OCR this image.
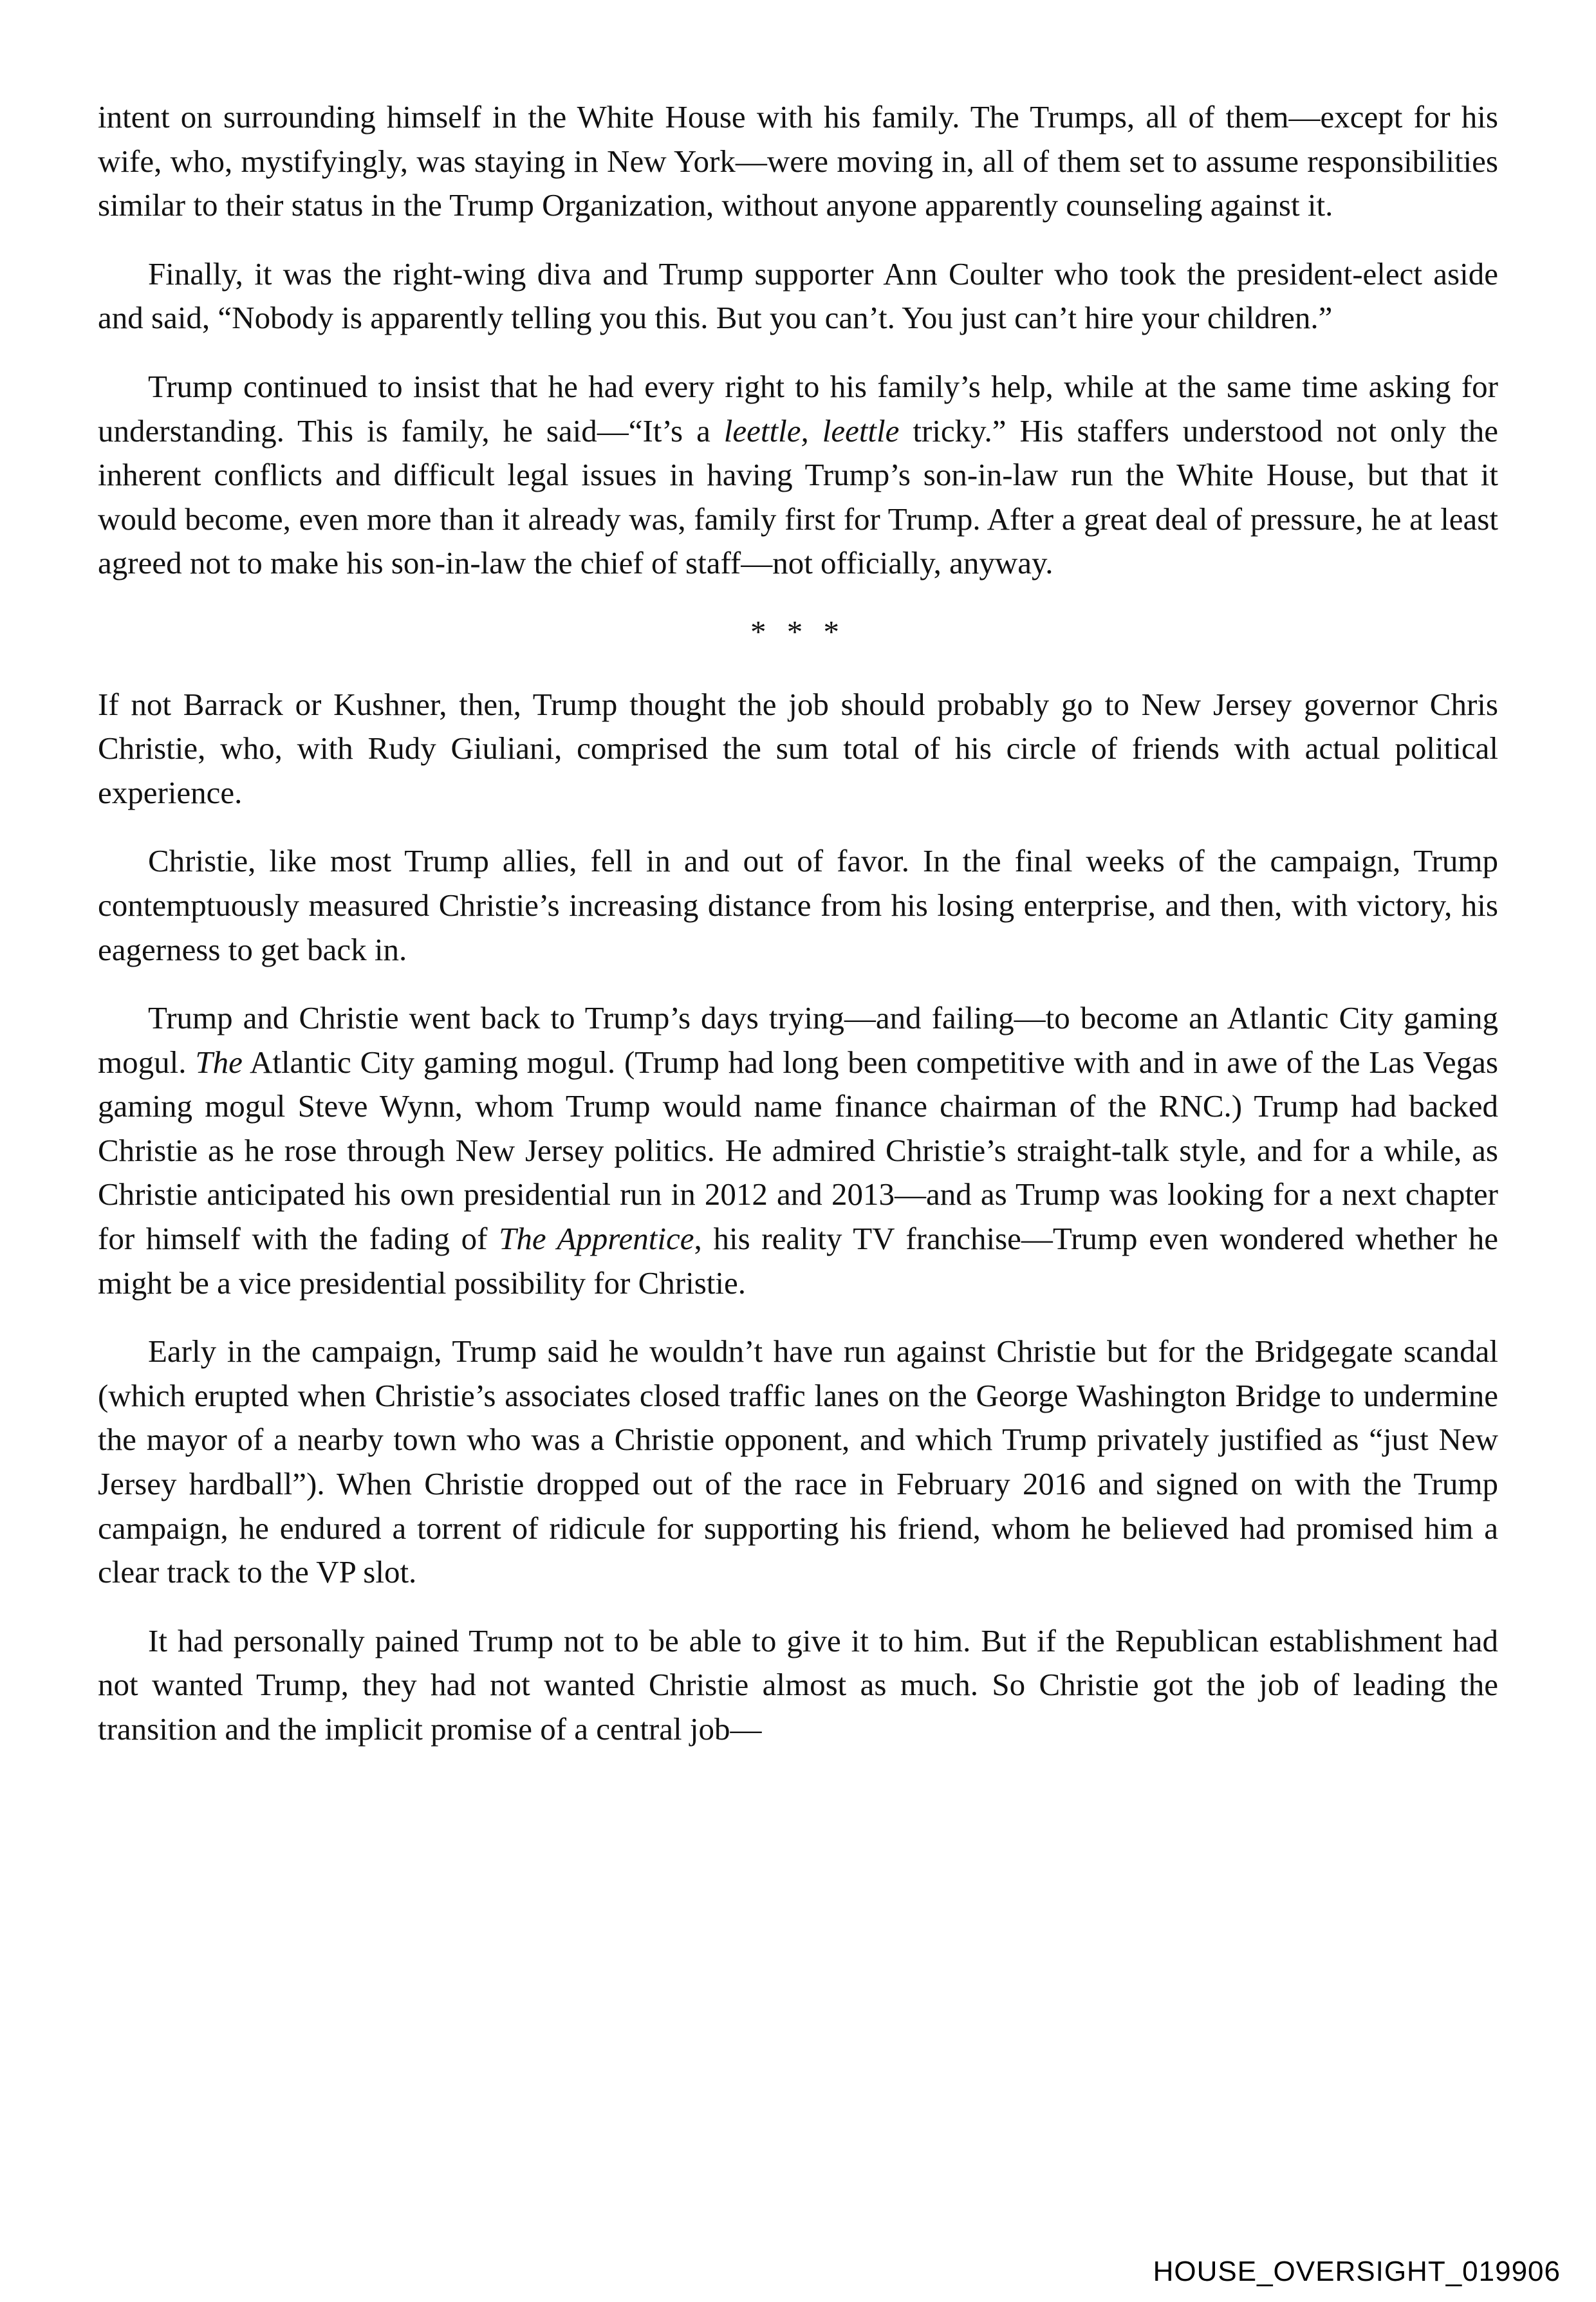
intent on surrounding himself in the White House with his family. The Trumps, all of them—except for his wife, who, mystifyingly, was staying in New York—were moving in, all of them set to assume responsibilities similar to their status in the Trump Organization, without anyone apparently counseling against it.

Finally, it was the right-wing diva and Trump supporter Ann Coulter who took the president-elect aside and said, “Nobody is apparently telling you this. But you can’t. You just can’t hire your children.”

Trump continued to insist that he had every right to his family’s help, while at the same time asking for understanding. This is family, he said—“It’s a leettle, leettle tricky.” His staffers understood not only the inherent conflicts and difficult legal issues in having Trump’s son-in-law run the White House, but that it would become, even more than it already was, family first for Trump. After a great deal of pressure, he at least agreed not to make his son-in-law the chief of staff—not officially, anyway.

* * *

If not Barrack or Kushner, then, Trump thought the job should probably go to New Jersey governor Chris Christie, who, with Rudy Giuliani, comprised the sum total of his circle of friends with actual political experience.

Christie, like most Trump allies, fell in and out of favor. In the final weeks of the campaign, Trump contemptuously measured Christie’s increasing distance from his losing enterprise, and then, with victory, his eagerness to get back in.

Trump and Christie went back to Trump’s days trying—and failing—to become an Atlantic City gaming mogul. The Atlantic City gaming mogul. (Trump had long been competitive with and in awe of the Las Vegas gaming mogul Steve Wynn, whom Trump would name finance chairman of the RNC.) Trump had backed Christie as he rose through New Jersey politics. He admired Christie’s straight-talk style, and for a while, as Christie anticipated his own presidential run in 2012 and 2013—and as Trump was looking for a next chapter for himself with the fading of The Apprentice, his reality TV franchise—Trump even wondered whether he might be a vice presidential possibility for Christie.

Early in the campaign, Trump said he wouldn’t have run against Christie but for the Bridgegate scandal (which erupted when Christie’s associates closed traffic lanes on the George Washington Bridge to undermine the mayor of a nearby town who was a Christie opponent, and which Trump privately justified as “just New Jersey hardball”). When Christie dropped out of the race in February 2016 and signed on with the Trump campaign, he endured a torrent of ridicule for supporting his friend, whom he believed had promised him a clear track to the VP slot.

It had personally pained Trump not to be able to give it to him. But if the Republican establishment had not wanted Trump, they had not wanted Christie almost as much. So Christie got the job of leading the transition and the implicit promise of a central job—

HOUSE_OVERSIGHT_019906
